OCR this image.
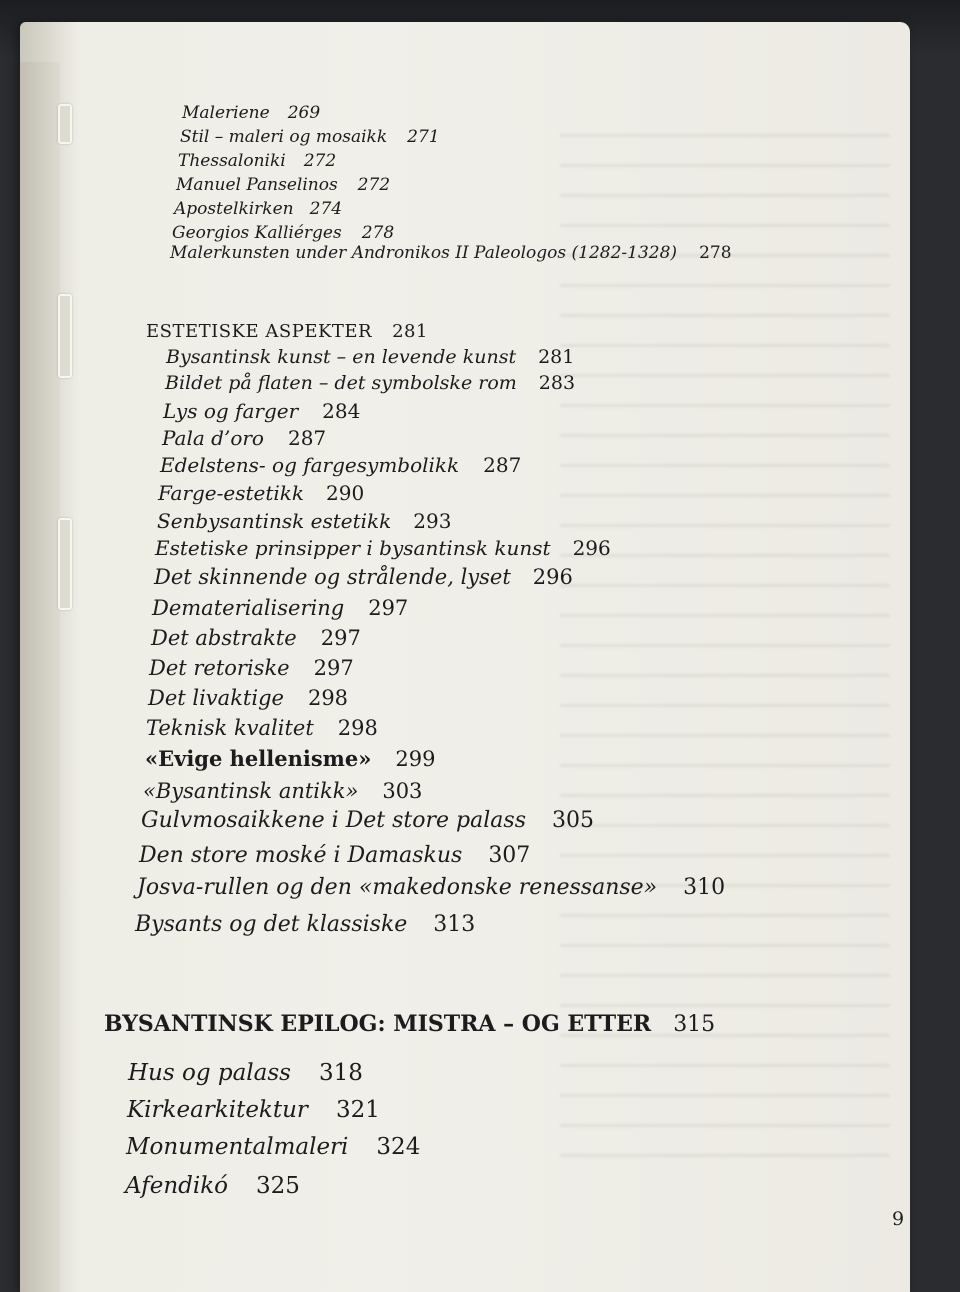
Maleriene 269
Stil – maleri og mosaikk 271
Thessaloniki 272
Manuel Panselinos 272
Apostelkirken 274
Georgios Kalliérges 278
Malerkunsten under Andronikos II Paleologos (1282-1328) 278
ESTETISKE ASPEKTER 281
Bysantinsk kunst – en levende kunst 281
Bildet på flaten – det symbolske rom 283
Lys og farger 284
Pala d’oro 287
Edelstens- og fargesymbolikk 287
Farge-estetikk 290
Senbysantinsk estetikk 293
Estetiske prinsipper i bysantinsk kunst 296
Det skinnende og strålende, lyset 296
Dematerialisering 297
Det abstrakte 297
Det retoriske 297
Det livaktige 298
Teknisk kvalitet 298
«Evige hellenisme» 299
«Bysantinsk antikk» 303
Gulvmosaikkene i Det store palass 305
Den store moské i Damaskus 307
Josva-rullen og den «makedonske renessanse» 310
Bysants og det klassiske 313
BYSANTINSK EPILOG: MISTRA – OG ETTER 315
Hus og palass 318
Kirkearkitektur 321
Monumentalmaleri 324
Afendikó 325
9
